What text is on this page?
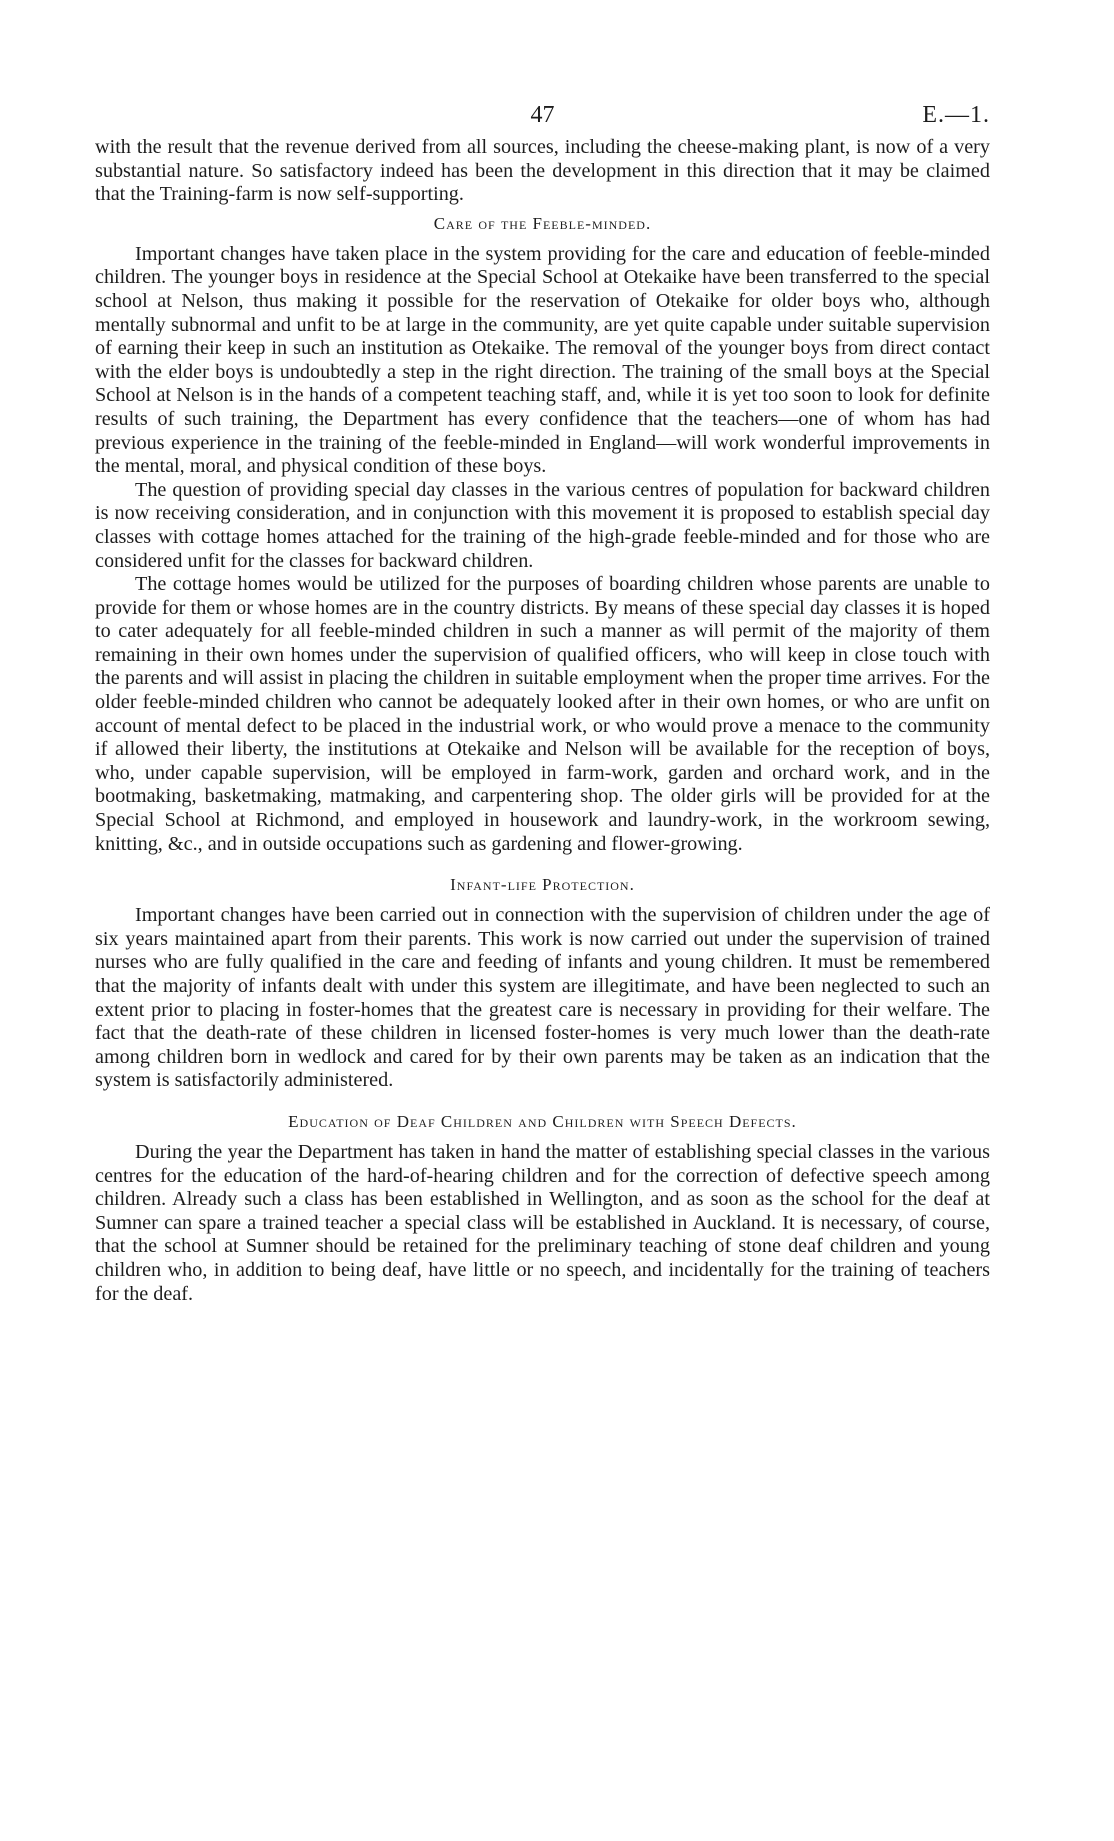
47	E.—1.

with the result that the revenue derived from all sources, including the cheese-making plant, is now of a very substantial nature. So satisfactory indeed has been the development in this direction that it may be claimed that the Training-farm is now self-supporting.

Care of the Feeble-minded.

Important changes have taken place in the system providing for the care and education of feeble-minded children. The younger boys in residence at the Special School at Otekaike have been transferred to the special school at Nelson, thus making it possible for the reservation of Otekaike for older boys who, although mentally subnormal and unfit to be at large in the community, are yet quite capable under suitable supervision of earning their keep in such an institution as Otekaike. The removal of the younger boys from direct contact with the elder boys is undoubtedly a step in the right direction. The training of the small boys at the Special School at Nelson is in the hands of a competent teaching staff, and, while it is yet too soon to look for definite results of such training, the Department has every confidence that the teachers—one of whom has had previous experience in the training of the feeble-minded in England—will work wonderful improvements in the mental, moral, and physical condition of these boys.

The question of providing special day classes in the various centres of population for backward children is now receiving consideration, and in conjunction with this movement it is proposed to establish special day classes with cottage homes attached for the training of the high-grade feeble-minded and for those who are considered unfit for the classes for backward children.

The cottage homes would be utilized for the purposes of boarding children whose parents are unable to provide for them or whose homes are in the country districts. By means of these special day classes it is hoped to cater adequately for all feeble-minded children in such a manner as will permit of the majority of them remaining in their own homes under the supervision of qualified officers, who will keep in close touch with the parents and will assist in placing the children in suitable employment when the proper time arrives. For the older feeble-minded children who cannot be adequately looked after in their own homes, or who are unfit on account of mental defect to be placed in the industrial work, or who would prove a menace to the community if allowed their liberty, the institutions at Otekaike and Nelson will be available for the reception of boys, who, under capable supervision, will be employed in farm-work, garden and orchard work, and in the bootmaking, basketmaking, matmaking, and carpentering shop. The older girls will be provided for at the Special School at Richmond, and employed in housework and laundry-work, in the workroom sewing, knitting, &c., and in outside occupations such as gardening and flower-growing.

Infant-life Protection.

Important changes have been carried out in connection with the supervision of children under the age of six years maintained apart from their parents. This work is now carried out under the supervision of trained nurses who are fully qualified in the care and feeding of infants and young children. It must be remembered that the majority of infants dealt with under this system are illegitimate, and have been neglected to such an extent prior to placing in foster-homes that the greatest care is necessary in providing for their welfare. The fact that the death-rate of these children in licensed foster-homes is very much lower than the death-rate among children born in wedlock and cared for by their own parents may be taken as an indication that the system is satisfactorily administered.

Education of Deaf Children and Children with Speech Defects.

During the year the Department has taken in hand the matter of establishing special classes in the various centres for the education of the hard-of-hearing children and for the correction of defective speech among children. Already such a class has been established in Wellington, and as soon as the school for the deaf at Sumner can spare a trained teacher a special class will be established in Auckland. It is necessary, of course, that the school at Sumner should be retained for the preliminary teaching of stone deaf children and young children who, in addition to being deaf, have little or no speech, and incidentally for the training of teachers for the deaf.
